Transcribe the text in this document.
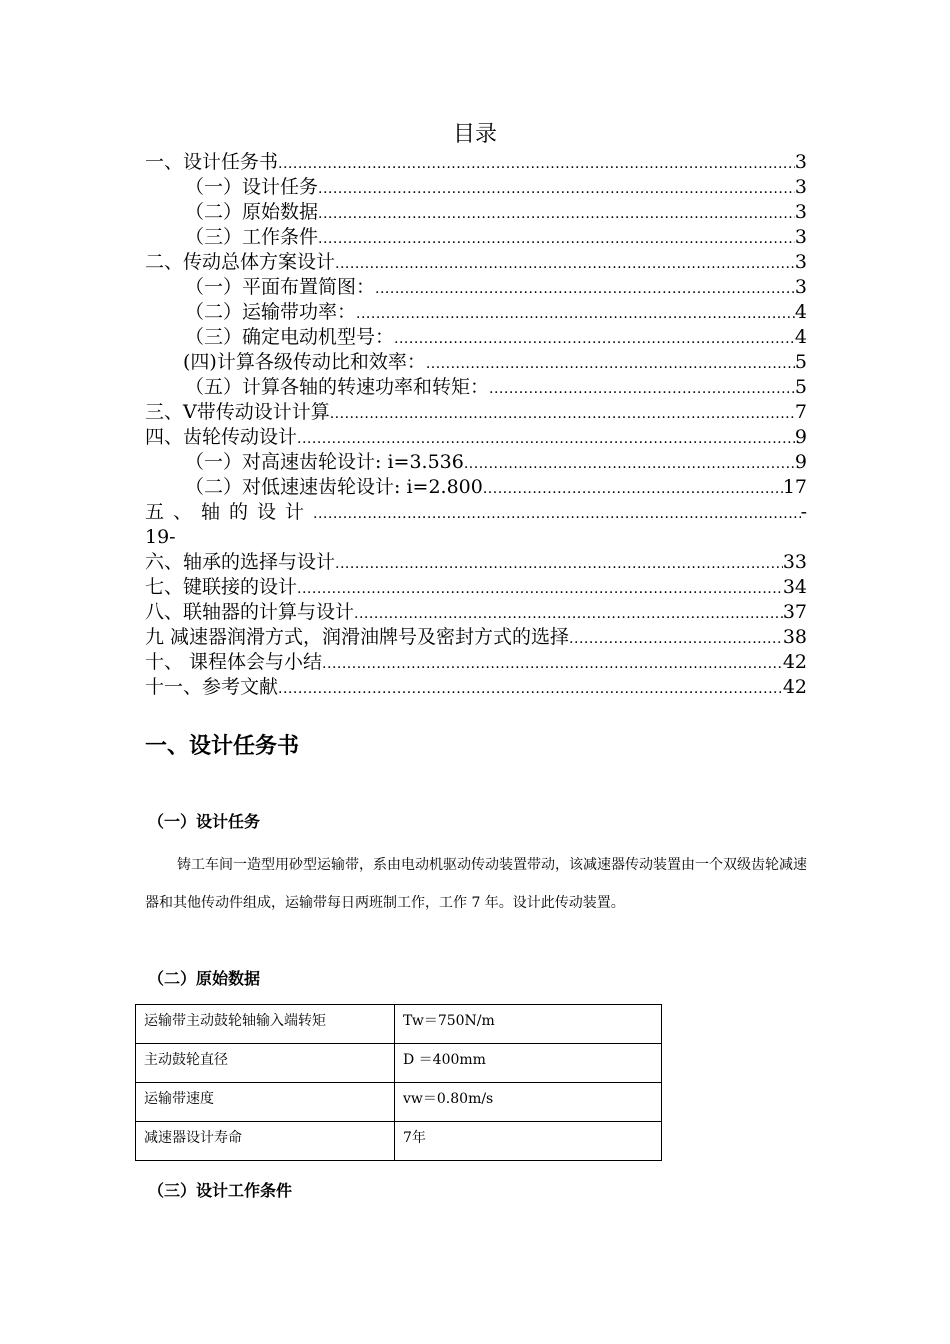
目录
一、设计任务书 .....	3
（一）设计任务 .....	3
（二）原始数据 .....	3
（三）工作条件 .....	3
二、传动总体方案设计 .....	3
（一）平面布置简图： .....	3
（二）运输带功率： .....	4
（三）确定电动机型号： .....	4
(四)计算各级传动比和效率： .....	5
（五）计算各轴的转速功率和转矩： .....	5
三、V带传动设计计算 .....	7
四、齿轮传动设计 .....	9
（一）对高速齿轮设计: i=3.536 .....	9
（二）对低速速齿轮设计: i=2.800 .....	17
五、轴的设计 .....	-
19-
六、轴承的选择与设计 .....	33
七、键联接的设计 .....	34
八、联轴器的计算与设计 .....	37
九 减速器润滑方式，润滑油牌号及密封方式的选择 .....	38
十、 课程体会与小结 .....	42
十一、参考文献 .....	42
一、设计任务书
（一）设计任务
铸工车间一造型用砂型运输带，系由电动机驱动传动装置带动，该减速器传动装置由一个双级齿轮减速器和其他传动件组成，运输带每日两班制工作，工作 7 年。设计此传动装置。
（二）原始数据
运输带主动鼓轮轴输入端转矩	Tw＝750N/m
主动鼓轮直径	D ＝400mm
运输带速度	vw＝0.80m/s
减速器设计寿命	7年
（三）设计工作条件
